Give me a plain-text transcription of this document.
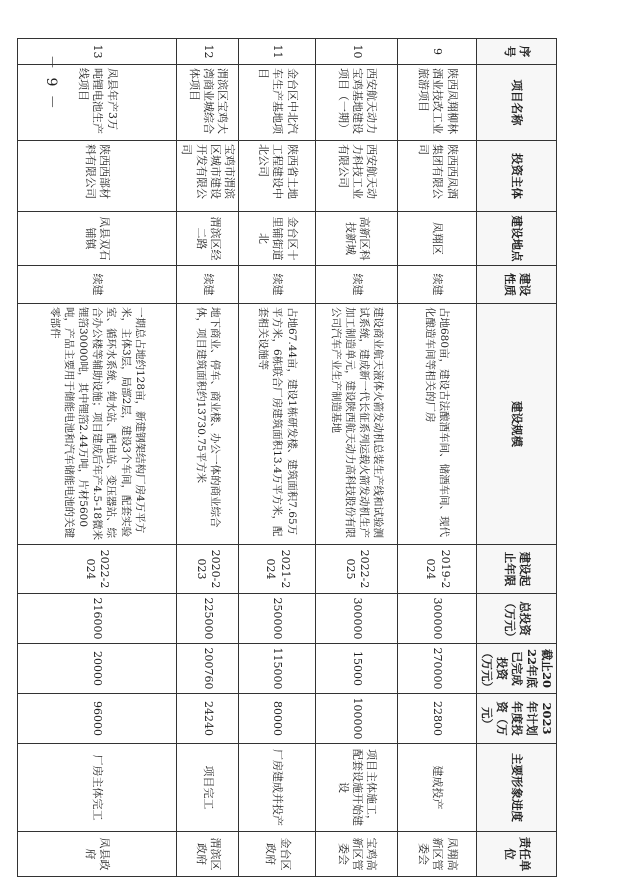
－ 9 －
序号	项目名称	投资主体	建设地点	建设性质	建设规模	建设起止年限	总投资（万元）	截止2022年底已完成投资（万元）	2023年计划年度投资（万元）	主要形象进度	责任单位
9	陕西凤翔柳林酒业技改工业旅游项目	陕西西凤酒集团有限公司	凤翔区	续建	占地680亩，建设古法酿酒车间、储酒车间、现代化酿造车间等相关的厂房	2019-2024	300000	270000	22800	建成投产	凤翔高新区管委会
10	西安航天动力宝鸡基地建设项目（一期）	西安航天动力科技工业有限公司	高新区科技新城	续建	建设商业航天液体火箭发动机总装生产线和试验测试系统，建成新一代长征系列运载火箭发动机生产加工制造单元，建设陕西航天动力高科技股份有限公司汽车产业生产制造基地	2022-2025	300000	15000	100000	项目主体施工，配套设施开始建设	宝鸡高新区管委会
11	金台区中北汽车生产基地项目	陕西省土地工程建设中北公司	金台区十里铺街道北	续建	占地67.44亩，建设1栋研发楼、建筑面积7.65万平方米，6栋联合厂房建筑面积13.4万平方米，配套相关设施等	2021-2024	250000	115000	80000	厂房建成并投产	金台区政府
12	渭滨区宝鸡大湾商业城综合体项目	宝鸡市渭滨区城市建设开发有限公司	渭滨区经二路	续建	地下商业、停车、商业楼、办公一体的商业综合体，项目建筑面积约13730.75平方米	2020-2023	225000	200760	24240	项目完工	渭滨区政府
13	凤县年产3万吨锂电池生产线项目	陕西西部材料有限公司	凤县双石铺镇	续建	一期总占地约128亩，新建钢架结构厂房4万平方米，主体3层，局部2层，建设3个车间，配套实验室、循环水系统、纯水站、配电站、变压器站、综合办公楼等辅助设施；项目建成后年产4.5-18微米锂箔30000吨，其中锂箔2.44万吨，片材5600吨，产品主要用于储能电池和汽车储能电池的关键零部件	2022-2024	216000	20000	96000	厂房主体完工	凤县政府
